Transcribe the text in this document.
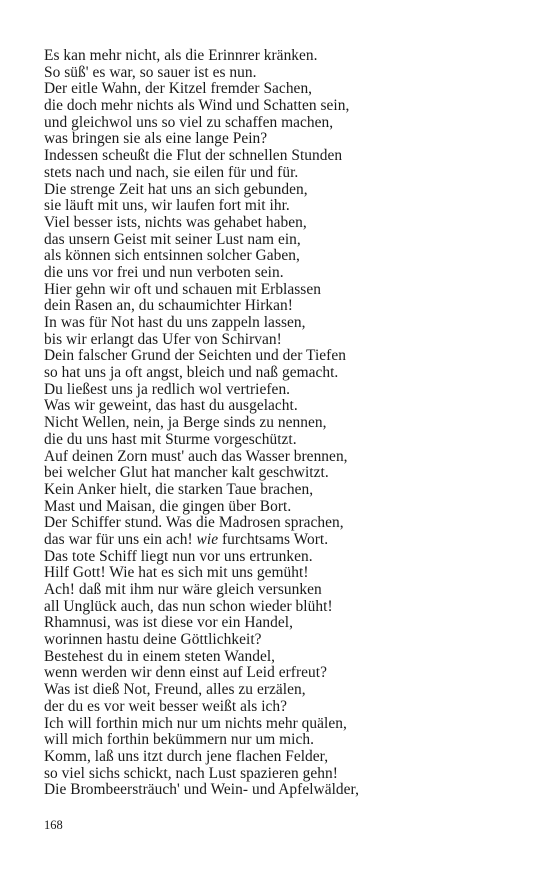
Es kan mehr nicht, als die Erinnrer kränken.
So süß' es war, so sauer ist es nun.
Der eitle Wahn, der Kitzel fremder Sachen,
die doch mehr nichts als Wind und Schatten sein,
und gleichwol uns so viel zu schaffen machen,
was bringen sie als eine lange Pein?
Indessen scheußt die Flut der schnellen Stunden
stets nach und nach, sie eilen für und für.
Die strenge Zeit hat uns an sich gebunden,
sie läuft mit uns, wir laufen fort mit ihr.
Viel besser ists, nichts was gehabet haben,
das unsern Geist mit seiner Lust nam ein,
als können sich entsinnen solcher Gaben,
die uns vor frei und nun verboten sein.
Hier gehn wir oft und schauen mit Erblassen
dein Rasen an, du schaumichter Hirkan!
In was für Not hast du uns zappeln lassen,
bis wir erlangt das Ufer von Schirvan!
Dein falscher Grund der Seichten und der Tiefen
so hat uns ja oft angst, bleich und naß gemacht.
Du ließest uns ja redlich wol vertriefen.
Was wir geweint, das hast du ausgelacht.
Nicht Wellen, nein, ja Berge sinds zu nennen,
die du uns hast mit Sturme vorgeschützt.
Auf deinen Zorn must' auch das Wasser brennen,
bei welcher Glut hat mancher kalt geschwitzt.
Kein Anker hielt, die starken Taue brachen,
Mast und Maisan, die gingen über Bort.
Der Schiffer stund. Was die Madrosen sprachen,
das war für uns ein ach! wie furchtsams Wort.
Das tote Schiff liegt nun vor uns ertrunken.
Hilf Gott! Wie hat es sich mit uns gemüht!
Ach! daß mit ihm nur wäre gleich versunken
all Unglück auch, das nun schon wieder blüht!
Rhamnusi, was ist diese vor ein Handel,
worinnen hastu deine Göttlichkeit?
Bestehest du in einem steten Wandel,
wenn werden wir denn einst auf Leid erfreut?
Was ist dieß Not, Freund, alles zu erzälen,
der du es vor weit besser weißt als ich?
Ich will forthin mich nur um nichts mehr quälen,
will mich forthin bekümmern nur um mich.
Komm, laß uns itzt durch jene flachen Felder,
so viel sichs schickt, nach Lust spazieren gehn!
Die Brombeersträuch' und Wein- und Apfelwälder,
168
